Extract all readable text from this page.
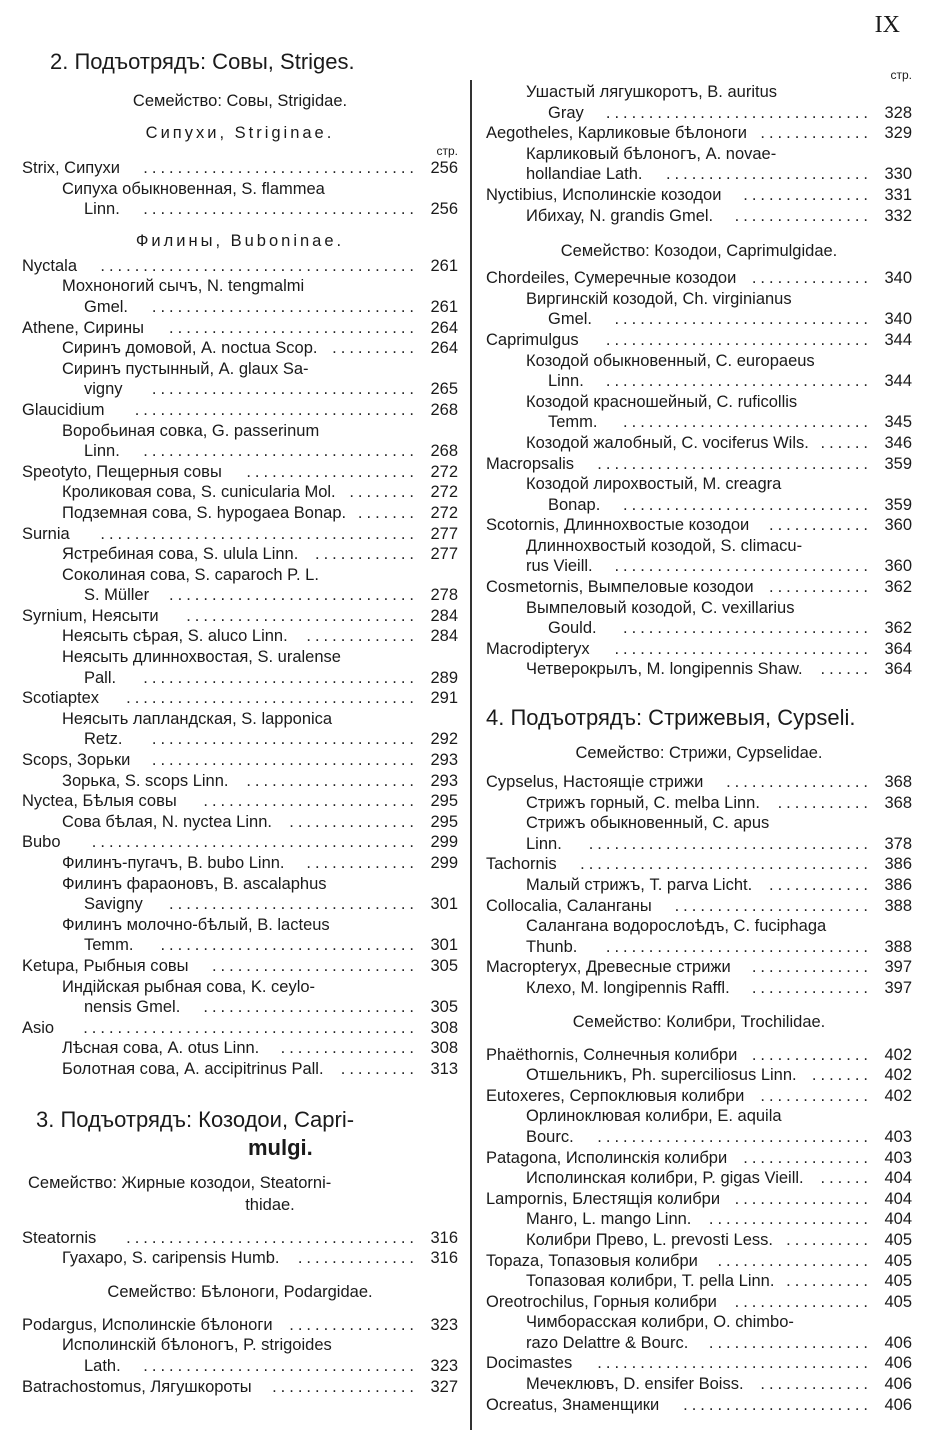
IX
2. Подъотрядъ: Совы, Striges.
Семейство: Совы, Strigidae.
Сипухи, Striginae.
стр.
Strix, Сипухи ................................ 256
Сипуха обыкновенная, S. flammea
Linn. ................................ 256
Филины, Buboninae.
Nyctala ..................................... 261
Мохноногий сычъ, N. tengmalmi
Gmel. ............................... 261
Athene, Сирины ............................. 264
Сиринъ домовой, A. noctua Scop. .......... 264
Сиринъ пустынный, A. glaux Sa-
vigny ............................... 265
Glaucidium ................................. 268
Воробьиная совка, G. passerinum
Linn. ................................ 268
Speotyto, Пещерныя совы .................... 272
Кроликовая сова, S. cunicularia Mol. ........ 272
Подземная сова, S. hypogaea Bonap. ....... 272
Surnia ..................................... 277
Ястребиная сова, S. ulula Linn. ............ 277
Соколиная сова, S. caparoch P. L.
S. Müller ............................. 278
Syrnium, Неясыти ........................... 284
Неясыть сѣрая, S. aluco Linn. ............. 284
Неясыть длиннохвостая, S. uralense
Pall. ................................ 289
Scotiaptex .................................. 291
Неясыть лапландская, S. lapponica
Retz. ............................... 292
Scops, Зорьки ............................... 293
Зорька, S. scops Linn. .................... 293
Nyctea, Бѣлыя совы ......................... 295
Сова бѣлая, N. nyctea Linn. ............... 295
Bubo ...................................... 299
Филинъ-пугачъ, B. bubo Linn. ............. 299
Филинъ фараоновъ, B. ascalaphus
Savigny ............................. 301
Филинъ молочно-бѣлый, B. lacteus
Temm. .............................. 301
Ketupa, Рыбныя совы ........................ 305
Индійская рыбная сова, K. ceylo-
nensis Gmel. ......................... 305
Asio ....................................... 308
Лѣсная сова, A. otus Linn. ................ 308
Болотная сова, A. accipitrinus Pall. ......... 313
3. Подъотрядъ: Козодои, Capri-
mulgi.
Семейство: Жирные козодои, Steatorni-
thidae.
Steatornis .................................. 316
Гуахаро, S. caripensis Humb. .............. 316
Семейство: Бѣлоноги, Podargidae.
Podargus, Исполинскіе бѣлоноги ............... 323
Исполинскій бѣлоногъ, P. strigoides
Lath. ................................ 323
Batrachostomus, Лягушкороты ................. 327
стр.
Ушастый лягушкоротъ, B. auritus
Gray ............................... 328
Aegotheles, Карликовые бѣлоноги ............. 329
Карликовый бѣлоногъ, A. novae-
hollandiae Lath. ........................ 330
Nyctibius, Исполинскіе козодои ............... 331
Ибихау, N. grandis Gmel. ................ 332
Семейство: Козодои, Caprimulgidae.
Chordeiles, Сумеречные козодои .............. 340
Виргинскій козодой, Ch. virginianus
Gmel. .............................. 340
Caprimulgus ............................... 344
Козодой обыкновенный, C. europaeus
Linn. ............................... 344
Козодой красношейный, C. ruficollis
Temm. ............................. 345
Козодой жалобный, C. vociferus Wils. ...... 346
Macropsalis ................................ 359
Козодой лирохвостый, M. creagra
Bonap. ............................. 359
Scotornis, Длиннохвостые козодои ............ 360
Длиннохвостый козодой, S. climacu-
rus Vieill. .............................. 360
Cosmetornis, Вымпеловые козодои ............ 362
Вымпеловый козодой, C. vexillarius
Gould. ............................. 362
Macrodipteryx .............................. 364
Четверокрылъ, M. longipennis Shaw. ...... 364
4. Подъотрядъ: Стрижевыя, Cypseli.
Семейство: Стрижи, Cypselidae.
Cypselus, Настоящіе стрижи ................. 368
Стрижъ горный, C. melba Linn. ........... 368
Стрижъ обыкновенный, C. apus
Linn. ................................. 378
Tachornis .................................. 386
Малый стрижъ, T. parva Licht. ............ 386
Collocalia, Саланганы ....................... 388
Салангана водорослоѣдъ, C. fuciphaga
Thunb. ............................... 388
Macropteryx, Древесные стрижи .............. 397
Клехо, M. longipennis Raffl. .............. 397
Семейство: Колибри, Trochilidae.
Phaëthornis, Солнечныя колибри .............. 402
Отшельникъ, Ph. superciliosus Linn. ....... 402
Eutoxeres, Серпоклювыя колибри ............. 402
Орлиноклювая колибри, E. aquila
Bourc. ................................ 403
Patagona, Исполинскія колибри ............... 403
Исполинская колибри, P. gigas Vieill. ...... 404
Lampornis, Блестящія колибри ................ 404
Манго, L. mango Linn. ................... 404
Колибри Прево, L. prevosti Less. .......... 405
Topaza, Топазовыя колибри .................. 405
Топазовая колибри, T. pella Linn. .......... 405
Oreotrochilus, Горныя колибри ................ 405
Чимборасская колибри, O. chimbo-
razo Delattre & Bourc. ................... 406
Docimastes ................................ 406
Мечеклювъ, D. ensifer Boiss. ............. 406
Ocreatus, Знаменщики ...................... 406
